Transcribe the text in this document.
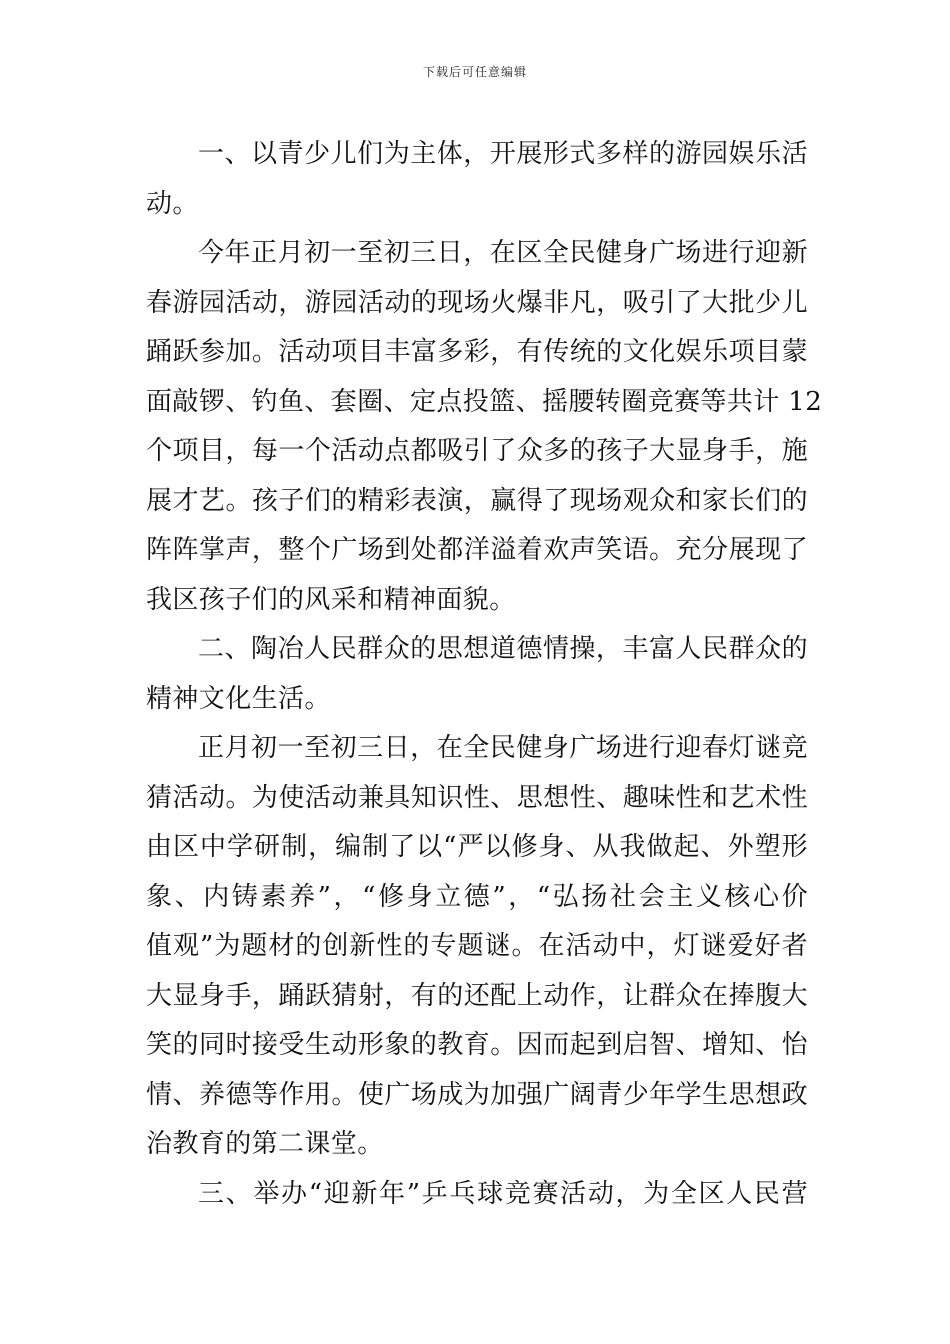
下载后可任意编辑
一、以青少儿们为主体，开展形式多样的游园娱乐活
动。
今年正月初一至初三日，在区全民健身广场进行迎新
春游园活动，游园活动的现场火爆非凡，吸引了大批少儿
踊跃参加。活动项目丰富多彩，有传统的文化娱乐项目蒙
面敲锣、钓鱼、套圈、定点投篮、摇腰转圈竞赛等共计 12
个项目，每一个活动点都吸引了众多的孩子大显身手，施
展才艺。孩子们的精彩表演，赢得了现场观众和家长们的
阵阵掌声，整个广场到处都洋溢着欢声笑语。充分展现了
我区孩子们的风采和精神面貌。
二、陶冶人民群众的思想道德情操，丰富人民群众的
精神文化生活。
正月初一至初三日，在全民健身广场进行迎春灯谜竞
猜活动。为使活动兼具知识性、思想性、趣味性和艺术性
由区中学研制，编制了以“严以修身、从我做起、外塑形
象、内铸素养”，“修身立德”，“弘扬社会主义核心价
值观”为题材的创新性的专题谜。在活动中，灯谜爱好者
大显身手，踊跃猜射，有的还配上动作，让群众在捧腹大
笑的同时接受生动形象的教育。因而起到启智、增知、怡
情、养德等作用。使广场成为加强广阔青少年学生思想政
治教育的第二课堂。
三、举办“迎新年”乒乓球竞赛活动，为全区人民营
